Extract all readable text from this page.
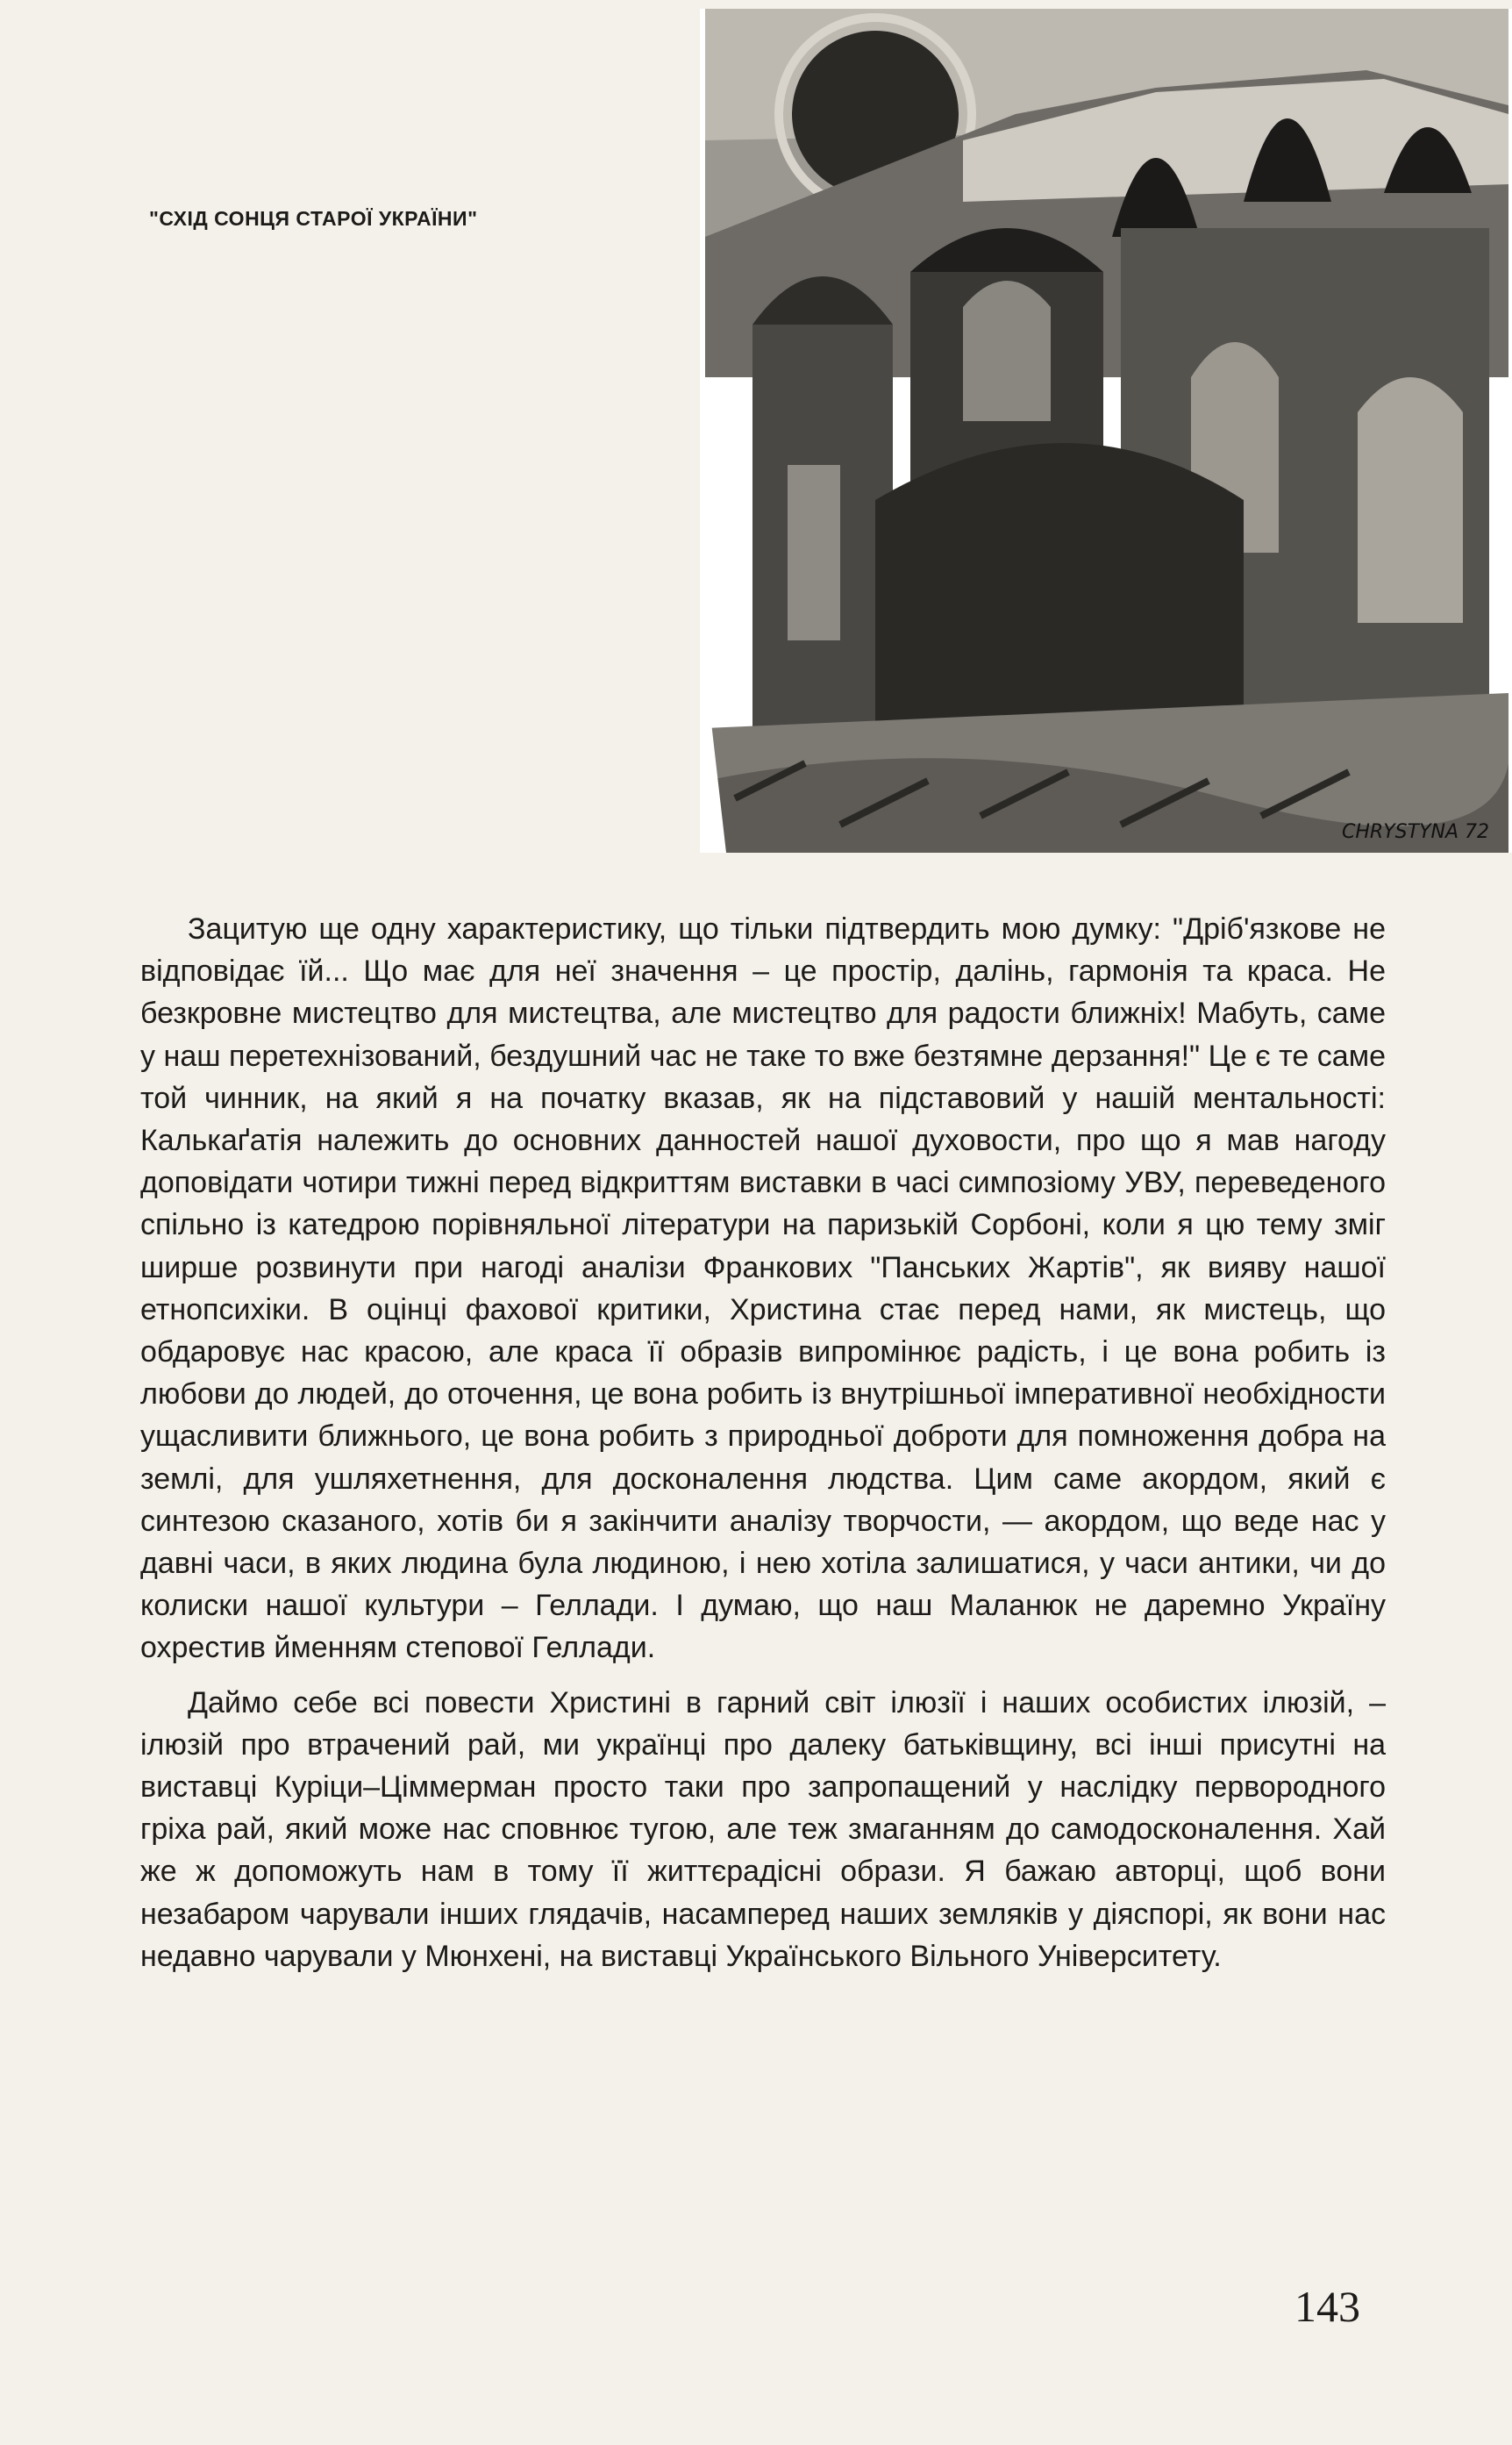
"СХІД СОНЦЯ СТАРОЇ УКРАЇНИ"
CHRYSTYNA 72

Зацитую ще одну характеристику, що тільки підтвердить мою думку: "Дріб'язкове не відповідає їй... Що має для неї значення – це простір, далінь, гармонія та краса. Не безкровне мистецтво для мистецтва, але мистецтво для радости ближніх! Мабуть, саме у наш перетехнізований, бездушний час не таке то вже безтямне дерзання!" Це є те саме той чинник, на який я на початку вказав, як на підставовий у нашій ментальності: Калькаґатія належить до основних данностей нашої духовости, про що я мав нагоду доповідати чотири тижні перед відкриттям виставки в часі симпозіому УВУ, переведеного спільно із катедрою порівняльної літератури на паризькій Сорбоні, коли я цю тему зміг ширше розвинути при нагоді аналізи Франкових "Панських Жартів", як вияву нашої етнопсихіки. В оцінці фахової критики, Христина стає перед нами, як мистець, що обдаровує нас красою, але краса її образів випромінює радість, і це вона робить із любови до людей, до оточення, це вона робить із внутрішньої імперативної необхідности ущасливити ближнього, це вона робить з природньої доброти для помноження добра на землі, для ушляхетнення, для досконалення людства. Цим саме акордом, який є синтезою сказаного, хотів би я закінчити аналізу творчости, — акордом, що веде нас у давні часи, в яких людина була людиною, і нею хотіла залишатися, у часи антики, чи до колиски нашої культури – Геллади. І думаю, що наш Маланюк не даремно Україну охрестив йменням степової Геллади.

Даймо себе всі повести Христині в гарний світ ілюзії і наших особистих ілюзій, – ілюзій про втрачений рай, ми українці про далеку батьківщину, всі інші присутні на виставці Куріци–Ціммерман просто таки про запропащений у наслідку первородного гріха рай, який може нас сповнює тугою, але теж змаганням до самодосконалення. Хай же ж допоможуть нам в тому її життєрадісні образи. Я бажаю авторці, щоб вони незабаром чарували інших глядачів, насамперед наших земляків у діяспорі, як вони нас недавно чарували у Мюнхені, на виставці Українського Вільного Університету.

143
